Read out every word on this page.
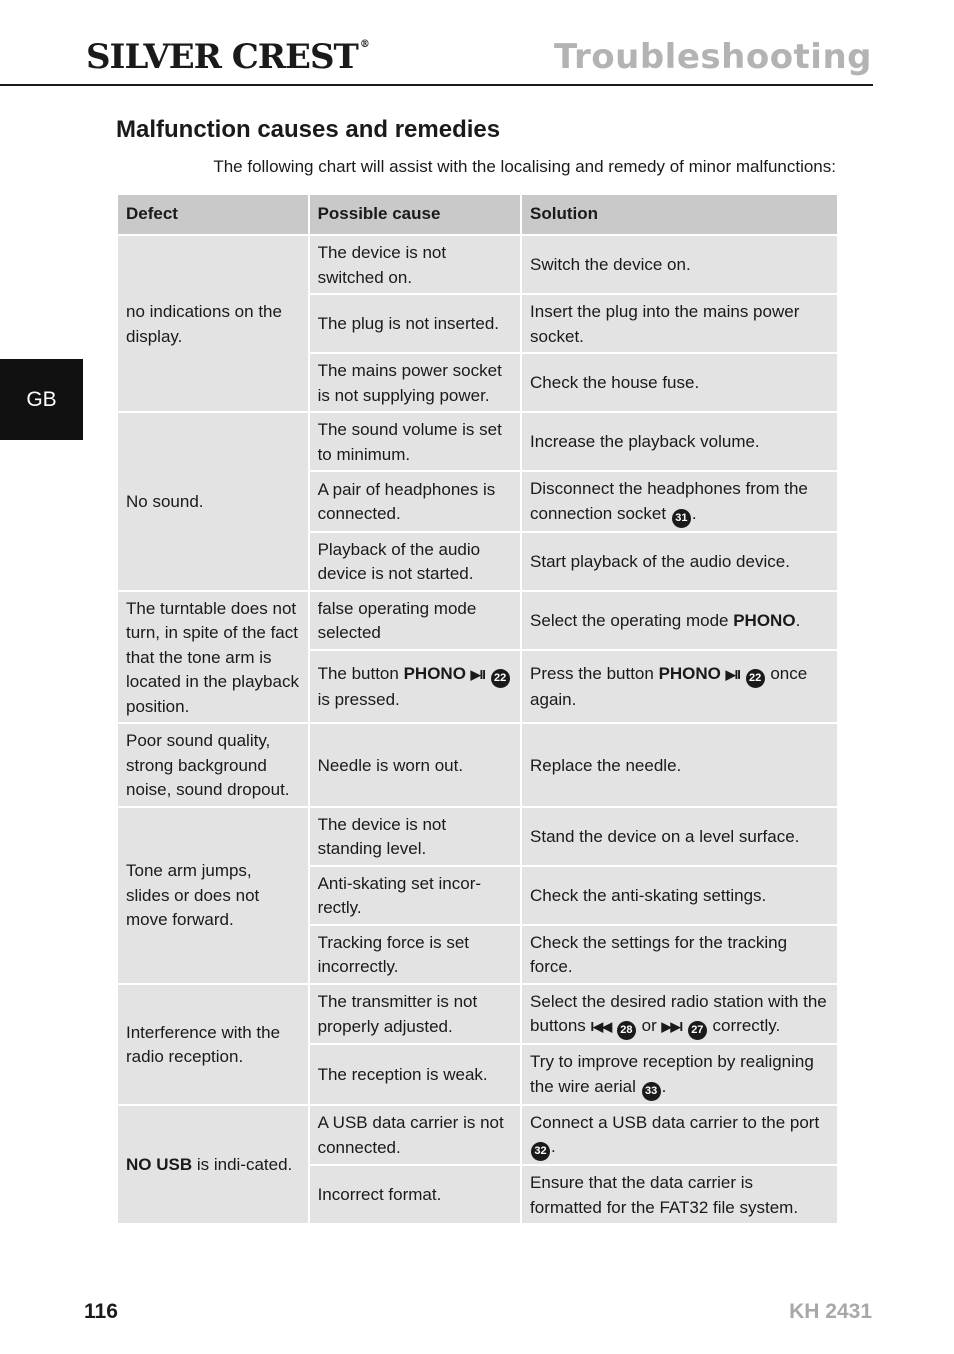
SILVER CREST ®	Troubleshooting
GB
Malfunction causes and remedies
The following chart will assist with the localising and remedy of minor malfunctions:
Defect	Possible cause	Solution
no indications on the display.	The device is not switched on.	Switch the device on.
	The plug is not inserted.	Insert the plug into the mains power socket.
	The mains power socket is not supplying power.	Check the house fuse.
No sound.	The sound volume is set to minimum.	Increase the playback volume.
	A pair of headphones is connected.	Disconnect the headphones from the connection socket 31 .
	Playback of the audio device is not started.	Start playback of the audio device.
The turntable does not turn, in spite of the fact that the tone arm is located in the playback position.	false operating mode selected	Select the operating mode PHONO.
	The button PHONO ▶II 22 is pressed.	Press the button PHONO ▶II 22 once again.
Poor sound quality, strong background noise, sound dropout.	Needle is worn out.	Replace the needle.
Tone arm jumps, slides or does not move forward.	The device is not standing level.	Stand the device on a level surface.
	Anti-skating set incor-rectly.	Check the anti-skating settings.
	Tracking force is set incorrectly.	Check the settings for the tracking force.
Interference with the radio reception.	The transmitter is not properly adjusted.	Select the desired radio station with the buttons I◀◀ 28 or ▶▶I 27 correctly.
	The reception is weak.	Try to improve reception by realigning the wire aerial 33 .
NO USB is indi-cated.	A USB data carrier is not connected.	Connect a USB data carrier to the port 32 .
	Incorrect format.	Ensure that the data carrier is formatted for the FAT32 file system.
116	KH 2431
